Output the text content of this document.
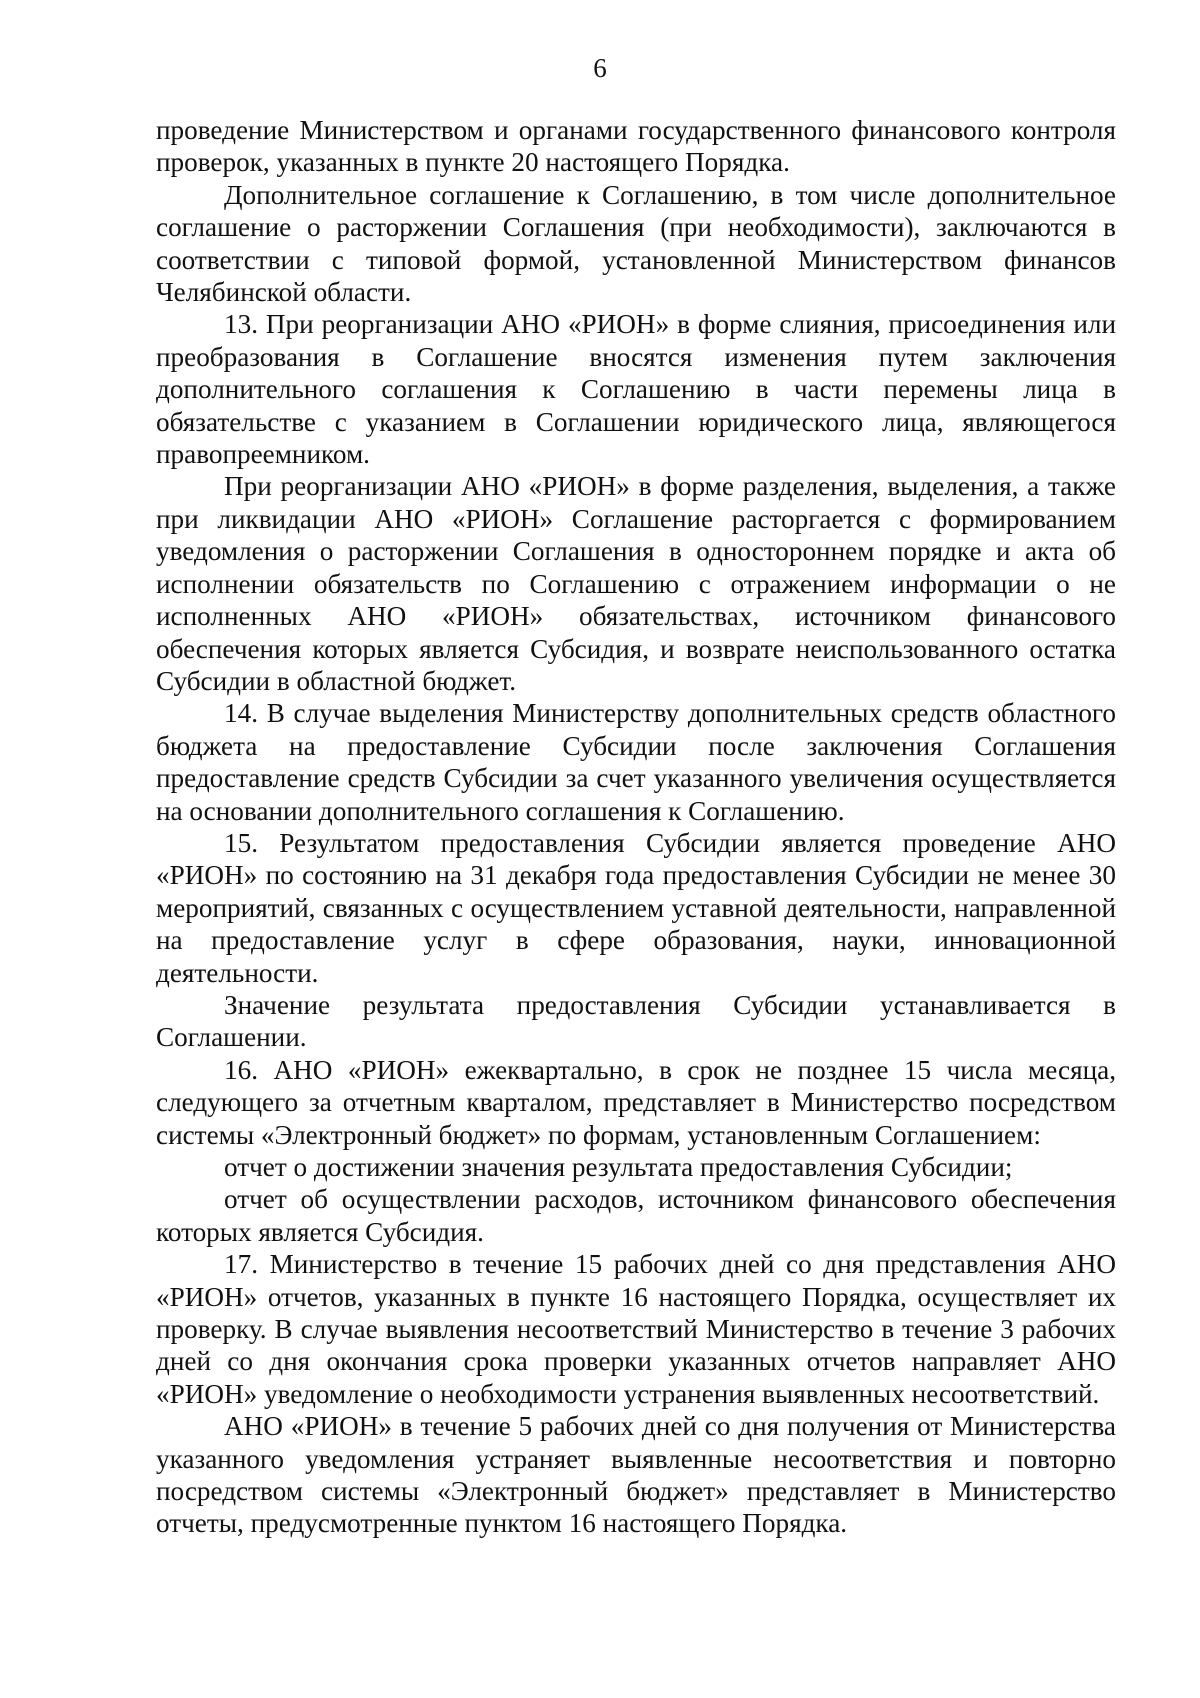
6

проведение Министерством и органами государственного финансового контроля проверок, указанных в пункте 20 настоящего Порядка.

Дополнительное соглашение к Соглашению, в том числе дополнительное соглашение о расторжении Соглашения (при необходимости), заключаются в соответствии с типовой формой, установленной Министерством финансов Челябинской области.

13. При реорганизации АНО «РИОН» в форме слияния, присоединения или преобразования в Соглашение вносятся изменения путем заключения дополнительного соглашения к Соглашению в части перемены лица в обязательстве с указанием в Соглашении юридического лица, являющегося правопреемником.

При реорганизации АНО «РИОН» в форме разделения, выделения, а также при ликвидации АНО «РИОН» Соглашение расторгается с формированием уведомления о расторжении Соглашения в одностороннем порядке и акта об исполнении обязательств по Соглашению с отражением информации о не исполненных АНО «РИОН» обязательствах, источником финансового обеспечения которых является Субсидия, и возврате неиспользованного остатка Субсидии в областной бюджет.

14. В случае выделения Министерству дополнительных средств областного бюджета на предоставление Субсидии после заключения Соглашения предоставление средств Субсидии за счет указанного увеличения осуществляется на основании дополнительного соглашения к Соглашению.

15. Результатом предоставления Субсидии является проведение АНО «РИОН» по состоянию на 31 декабря года предоставления Субсидии не менее 30 мероприятий, связанных с осуществлением уставной деятельности, направленной на предоставление услуг в сфере образования, науки, инновационной деятельности.

Значение результата предоставления Субсидии устанавливается в Соглашении.

16. АНО «РИОН» ежеквартально, в срок не позднее 15 числа месяца, следующего за отчетным кварталом, представляет в Министерство посредством системы «Электронный бюджет» по формам, установленным Соглашением:

отчет о достижении значения результата предоставления Субсидии;

отчет об осуществлении расходов, источником финансового обеспечения которых является Субсидия.

17. Министерство в течение 15 рабочих дней со дня представления АНО «РИОН» отчетов, указанных в пункте 16 настоящего Порядка, осуществляет их проверку. В случае выявления несоответствий Министерство в течение 3 рабочих дней со дня окончания срока проверки указанных отчетов направляет АНО «РИОН» уведомление о необходимости устранения выявленных несоответствий.

АНО «РИОН» в течение 5 рабочих дней со дня получения от Министерства указанного уведомления устраняет выявленные несоответствия и повторно посредством системы «Электронный бюджет» представляет в Министерство отчеты, предусмотренные пунктом 16 настоящего Порядка.
